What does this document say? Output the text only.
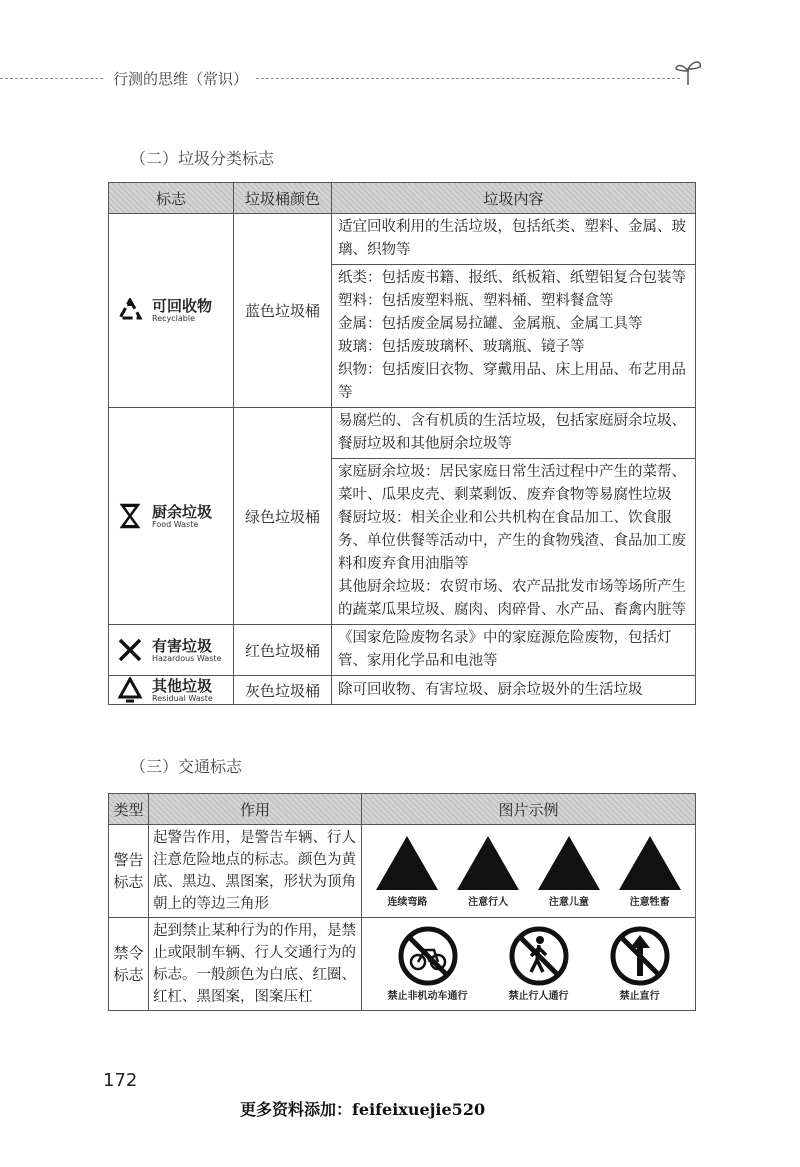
行测的思维（常识）
（二）垃圾分类标志
标志	垃圾桶颜色	垃圾内容

可回收物
Recyclable	蓝色垃圾桶	适宜回收利用的生活垃圾，包括纸类、塑料、金属、玻璃、织物等

		纸类：包括废书籍、报纸、纸板箱、纸塑铝复合包装等
塑料：包括废塑料瓶、塑料桶、塑料餐盒等
金属：包括废金属易拉罐、金属瓶、金属工具等
玻璃：包括废玻璃杯、玻璃瓶、镜子等
织物：包括废旧衣物、穿戴用品、床上用品、布艺用品等

厨余垃圾
Food Waste	绿色垃圾桶	易腐烂的、含有机质的生活垃圾，包括家庭厨余垃圾、餐厨垃圾和其他厨余垃圾等

		家庭厨余垃圾：居民家庭日常生活过程中产生的菜帮、菜叶、瓜果皮壳、剩菜剩饭、废弃食物等易腐性垃圾
餐厨垃圾：相关企业和公共机构在食品加工、饮食服务、单位供餐等活动中，产生的食物残渣、食品加工废料和废弃食用油脂等
其他厨余垃圾：农贸市场、农产品批发市场等场所产生的蔬菜瓜果垃圾、腐肉、肉碎骨、水产品、畜禽内脏等

有害垃圾
Hazardous Waste	红色垃圾桶	《国家危险废物名录》中的家庭源危险废物，包括灯管、家用化学品和电池等

其他垃圾
Residual Waste	灰色垃圾桶	除可回收物、有害垃圾、厨余垃圾外的生活垃圾
（三）交通标志
类型	作用	图片示例
警告标志	起警告作用，是警告车辆、行人注意危险地点的标志。颜色为黄底、黑边、黑图案，形状为顶角朝上的等边三角形	连续弯路 注意行人 注意儿童 注意牲畜

禁令标志	起到禁止某种行为的作用，是禁止或限制车辆、行人交通行为的标志。一般颜色为白底、红圈、红杠、黑图案，图案压杠	禁止非机动车通行 禁止行人通行 禁止直行
172
更多资料添加：feifeixuejie520
